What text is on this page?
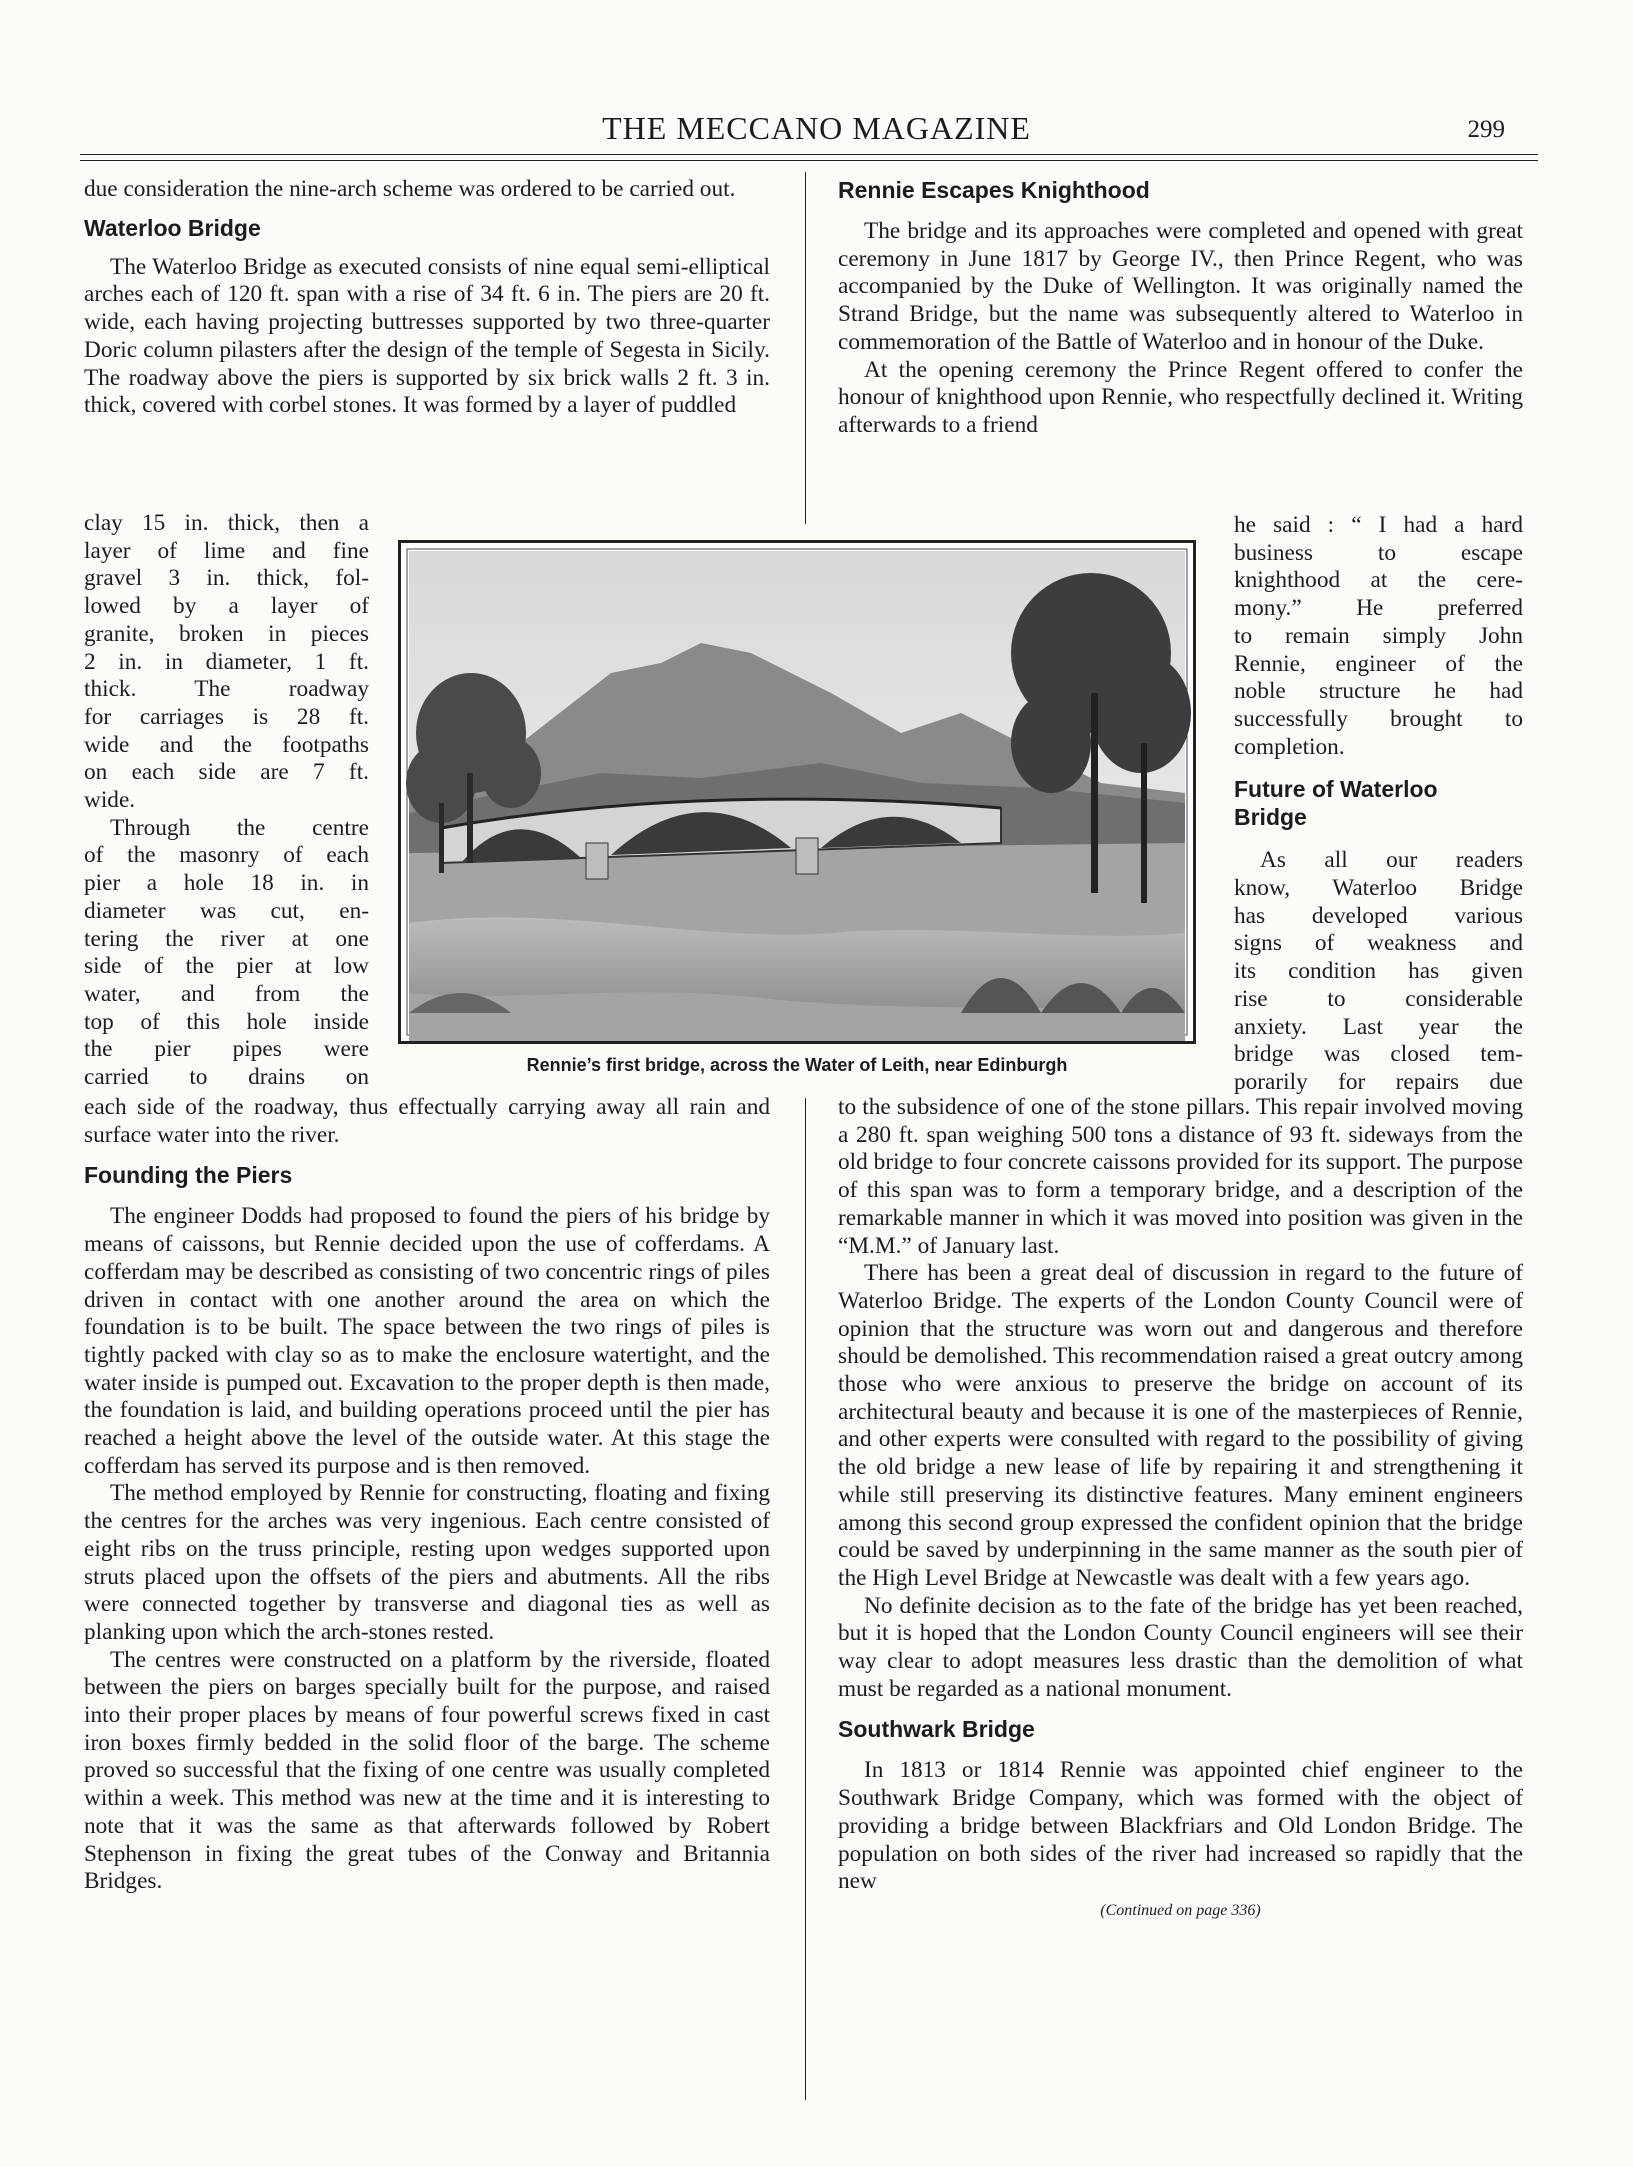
THE MECCANO MAGAZINE	299

due consideration the nine-arch scheme was ordered to be carried out.

Waterloo Bridge

The Waterloo Bridge as executed consists of nine equal semi-elliptical arches each of 120 ft. span with a rise of 34 ft. 6 in. The piers are 20 ft. wide, each having projecting buttresses supported by two three-quarter Doric column pilasters after the design of the temple of Segesta in Sicily. The roadway above the piers is supported by six brick walls 2 ft. 3 in. thick, covered with corbel stones. It was formed by a layer of puddled

clay 15 in. thick, then a
layer of lime and fine
gravel 3 in. thick, fol-
lowed by a layer of
granite, broken in pieces
2 in. in diameter, 1 ft.
thick. The roadway
for carriages is 28 ft.
wide and the footpaths
on each side are 7 ft.
wide.
Through the centre
of the masonry of each
pier a hole 18 in. in
diameter was cut, en-
tering the river at one
side of the pier at low
water, and from the
top of this hole inside
the pier pipes were
carried to drains on

each side of the roadway, thus effectually carrying away all rain and surface water into the river.

Founding the Piers

The engineer Dodds had proposed to found the piers of his bridge by means of caissons, but Rennie decided upon the use of cofferdams. A cofferdam may be described as consisting of two concentric rings of piles driven in contact with one another around the area on which the foundation is to be built. The space between the two rings of piles is tightly packed with clay so as to make the enclosure watertight, and the water inside is pumped out. Excavation to the proper depth is then made, the foundation is laid, and building operations proceed until the pier has reached a height above the level of the outside water. At this stage the cofferdam has served its purpose and is then removed.

The method employed by Rennie for constructing, floating and fixing the centres for the arches was very ingenious. Each centre consisted of eight ribs on the truss principle, resting upon wedges supported upon struts placed upon the offsets of the piers and abutments. All the ribs were connected together by transverse and diagonal ties as well as planking upon which the arch-stones rested.

The centres were constructed on a platform by the riverside, floated between the piers on barges specially built for the purpose, and raised into their proper places by means of four powerful screws fixed in cast iron boxes firmly bedded in the solid floor of the barge. The scheme proved so successful that the fixing of one centre was usually completed within a week. This method was new at the time and it is interesting to note that it was the same as that afterwards followed by Robert Stephenson in fixing the great tubes of the Conway and Britannia Bridges.

Rennie Escapes Knighthood

The bridge and its approaches were completed and opened with great ceremony in June 1817 by George IV., then Prince Regent, who was accompanied by the Duke of Wellington. It was originally named the Strand Bridge, but the name was subsequently altered to Waterloo in commemoration of the Battle of Waterloo and in honour of the Duke.

At the opening ceremony the Prince Regent offered to confer the honour of knighthood upon Rennie, who respectfully declined it. Writing afterwards to a friend

he said : “ I had a hard
business to escape
knighthood at the cere-
mony.” He preferred
to remain simply John
Rennie, engineer of the
noble structure he had
successfully brought to
completion.
Future of Waterloo
Bridge
As all our readers
know, Waterloo Bridge
has developed various
signs of weakness and
its condition has given
rise to considerable
anxiety. Last year the
bridge was closed tem-
porarily for repairs due

to the subsidence of one of the stone pillars. This repair involved moving a 280 ft. span weighing 500 tons a distance of 93 ft. sideways from the old bridge to four concrete caissons provided for its support. The purpose of this span was to form a temporary bridge, and a description of the remarkable manner in which it was moved into position was given in the “M.M.” of January last.

There has been a great deal of discussion in regard to the future of Waterloo Bridge. The experts of the London County Council were of opinion that the structure was worn out and dangerous and therefore should be demolished. This recommendation raised a great outcry among those who were anxious to preserve the bridge on account of its architectural beauty and because it is one of the masterpieces of Rennie, and other experts were consulted with regard to the possibility of giving the old bridge a new lease of life by repairing it and strengthening it while still preserving its distinctive features. Many eminent engineers among this second group expressed the confident opinion that the bridge could be saved by underpinning in the same manner as the south pier of the High Level Bridge at Newcastle was dealt with a few years ago.

No definite decision as to the fate of the bridge has yet been reached, but it is hoped that the London County Council engineers will see their way clear to adopt measures less drastic than the demolition of what must be regarded as a national monument.

Southwark Bridge

In 1813 or 1814 Rennie was appointed chief engineer to the Southwark Bridge Company, which was formed with the object of providing a bridge between Blackfriars and Old London Bridge. The population on both sides of the river had increased so rapidly that the new

(Continued on page 336)
Rennie’s first bridge, across the Water of Leith, near Edinburgh
